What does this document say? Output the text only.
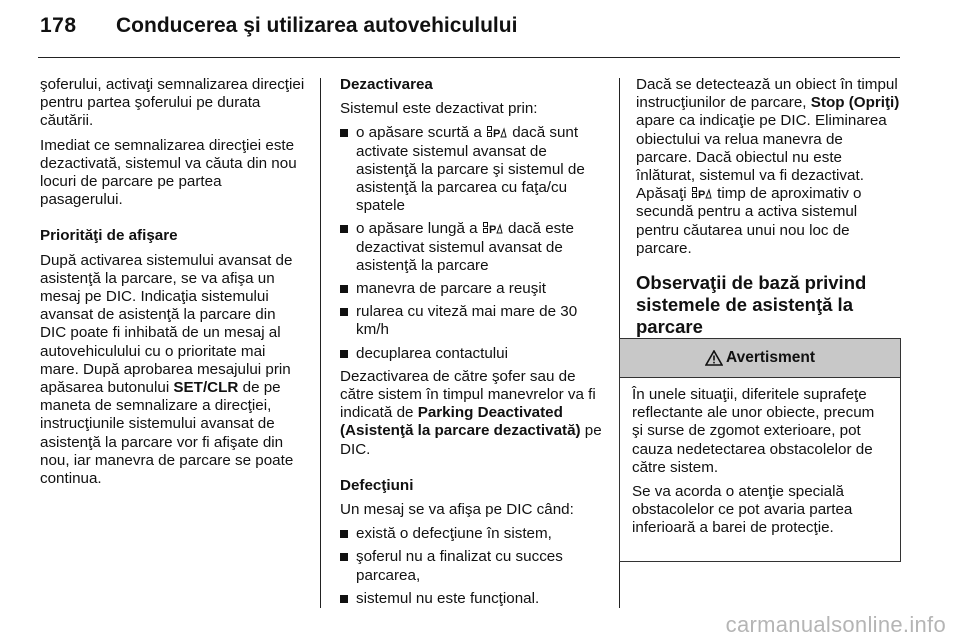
178 Conducerea şi utilizarea autovehiculului

şoferului, activaţi semnalizarea direcţiei pentru partea şoferului pe durata căutării.

Imediat ce semnalizarea direcţiei este dezactivată, sistemul va căuta din nou locuri de parcare pe partea pasagerului.

Priorităţi de afişare

După activarea sistemului avansat de asistenţă la parcare, se va afişa un mesaj pe DIC. Indicaţia sistemului avansat de asistenţă la parcare din DIC poate fi inhibată de un mesaj al autovehiculului cu o prioritate mai mare. După aprobarea mesajului prin apăsarea butonului SET/CLR de pe maneta de semnalizare a direcţiei, instrucţiunile sistemului avansat de asistenţă la parcare vor fi afişate din nou, iar manevra de parcare se poate continua.

Dezactivarea

Sistemul este dezactivat prin:

o apăsare scurtă a P dacă sunt activate sistemul avansat de asistenţă la parcare şi sistemul de asistenţă la parcarea cu faţa/cu spatele
o apăsare lungă a P dacă este dezactivat sistemul avansat de asistenţă la parcare
manevra de parcare a reuşit
rularea cu viteză mai mare de 30 km/h
decuplarea contactului

Dezactivarea de către şofer sau de către sistem în timpul manevrelor va fi indicată de Parking Deactivated (Asistenţă la parcare dezactivată) pe DIC.

Defecţiuni

Un mesaj se va afişa pe DIC când:

există o defecţiune în sistem,
şoferul nu a finalizat cu succes parcarea,
sistemul nu este funcţional.

Dacă se detectează un obiect în timpul instrucţiunilor de parcare, Stop (Opriţi) apare ca indicaţie pe DIC. Eliminarea obiectului va relua manevra de parcare. Dacă obiectul nu este înlăturat, sistemul va fi dezactivat. Apăsaţi P timp de aproximativ o secundă pentru a activa sistemul pentru căutarea unui nou loc de parcare.

Observaţii de bază privind sistemele de asistenţă la parcare
Avertisment

În unele situaţii, diferitele suprafeţe reflectante ale unor obiecte, precum şi surse de zgomot exterioare, pot cauza nedetectarea obstacolelor de către sistem.

Se va acorda o atenţie specială obstacolelor ce pot avaria partea inferioară a barei de protecţie.

carmanualsonline.info
